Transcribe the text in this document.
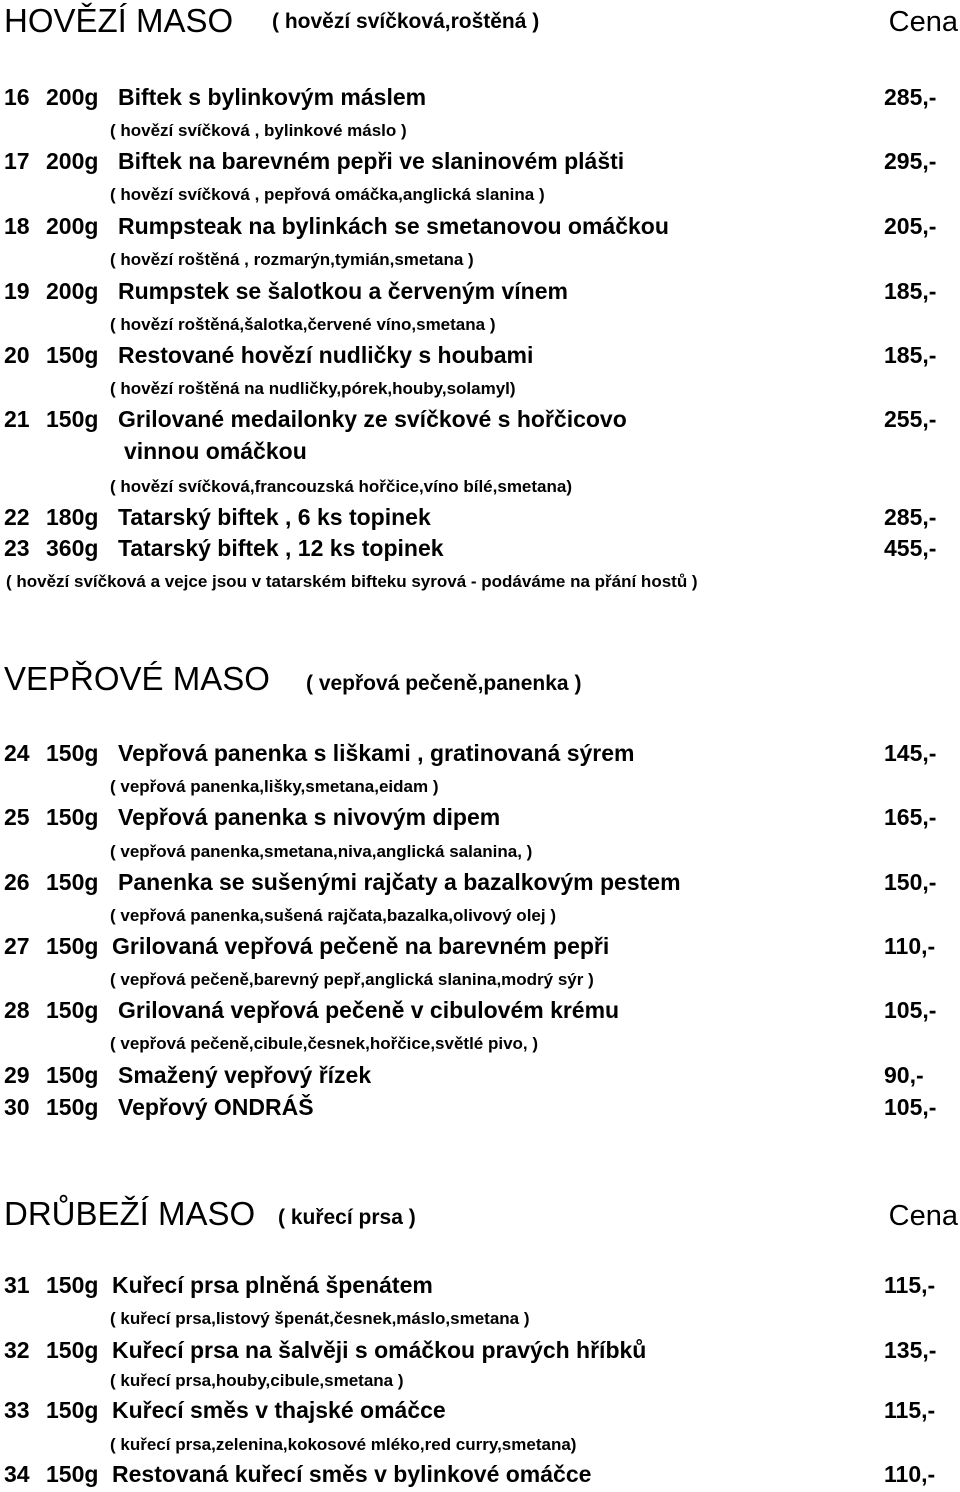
HOVĚZÍ MASO ( hovězí svíčková,roštěná )	Cena
16 200g Biftek s bylinkovým máslem	285,-
( hovězí svíčková , bylinkové máslo )
17 200g Biftek na barevném pepři ve slaninovém plášti	295,-
( hovězí svíčková , pepřová omáčka,anglická slanina )
18 200g Rumpsteak na bylinkách se smetanovou omáčkou	205,-
( hovězí roštěná , rozmarýn,tymián,smetana )
19 200g Rumpstek se šalotkou a červeným vínem	185,-
( hovězí roštěná,šalotka,červené víno,smetana )
20 150g Restované hovězí nudličky s houbami	185,-
( hovězí roštěná na nudličky,pórek,houby,solamyl)
21 150g Grilované medailonky ze svíčkové s hořčicovo	255,-
vinnou omáčkou
( hovězí svíčková,francouzská hořčice,víno bílé,smetana)
22 180g Tatarský biftek , 6 ks topinek	285,-
23 360g Tatarský biftek , 12 ks topinek	455,-
( hovězí svíčková a vejce jsou v tatarském bifteku syrová - podáváme na přání hostů )
VEPŘOVÉ MASO ( vepřová pečeně,panenka )
24 150g Vepřová panenka s liškami , gratinovaná sýrem	145,-
( vepřová panenka,lišky,smetana,eidam )
25 150g Vepřová panenka s nivovým dipem	165,-
( vepřová panenka,smetana,niva,anglická salanina, )
26 150g Panenka se sušenými rajčaty a bazalkovým pestem	150,-
( vepřová panenka,sušená rajčata,bazalka,olivový olej )
27 150g Grilovaná vepřová pečeně na barevném pepři	110,-
( vepřová pečeně,barevný pepř,anglická slanina,modrý sýr )
28 150g Grilovaná vepřová pečeně v cibulovém krému	105,-
( vepřová pečeně,cibule,česnek,hořčice,světlé pivo, )
29 150g Smažený vepřový řízek	90,-
30 150g Vepřový ONDRÁŠ	105,-
DRŮBEŽÍ MASO ( kuřecí prsa )	Cena
31 150g Kuřecí prsa plněná špenátem	115,-
( kuřecí prsa,listový špenát,česnek,máslo,smetana )
32 150g Kuřecí prsa na šalvěji s omáčkou pravých hříbků	135,-
( kuřecí prsa,houby,cibule,smetana )
33 150g Kuřecí směs v thajské omáčce	115,-
( kuřecí prsa,zelenina,kokosové mléko,red curry,smetana)
34 150g Restovaná kuřecí směs v bylinkové omáčce	110,-
